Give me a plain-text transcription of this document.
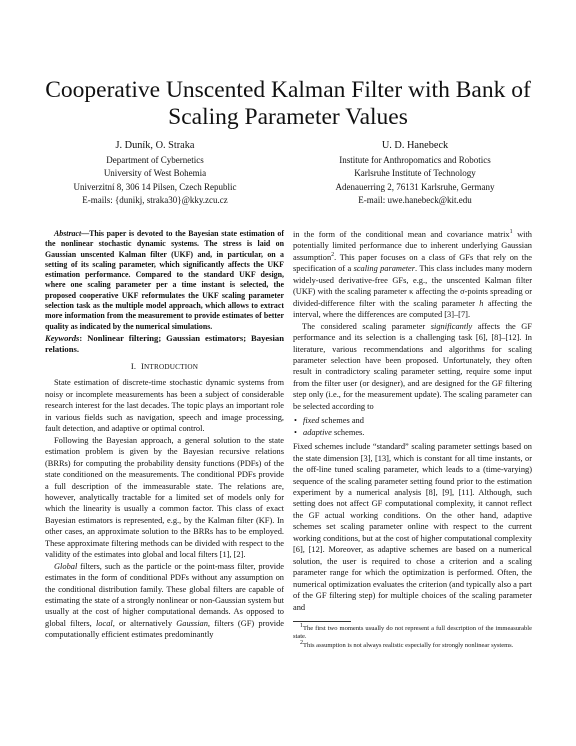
Cooperative Unscented Kalman Filter with Bank of Scaling Parameter Values
J. Duník, O. Straka
Department of Cybernetics
University of West Bohemia
Univerzitní 8, 306 14 Pilsen, Czech Republic
E-mails: {dunikj, straka30}@kky.zcu.cz
U. D. Hanebeck
Institute for Anthropomatics and Robotics
Karlsruhe Institute of Technology
Adenauerring 2, 76131 Karlsruhe, Germany
E-mail: uwe.hanebeck@kit.edu

Abstract—This paper is devoted to the Bayesian state estimation of the nonlinear stochastic dynamic systems. The stress is laid on Gaussian unscented Kalman filter (UKF) and, in particular, on a setting of its scaling parameter, which significantly affects the UKF estimation performance. Compared to the standard UKF design, where one scaling parameter per a time instant is selected, the proposed cooperative UKF reformulates the UKF scaling parameter selection task as the multiple model approach, which allows to extract more information from the measurement to provide estimates of better quality as indicated by the numerical simulations.

Keywords: Nonlinear filtering; Gaussian estimators; Bayesian relations.

I. INTRODUCTION

State estimation of discrete-time stochastic dynamic systems from noisy or incomplete measurements has been a subject of considerable research interest for the last decades. The topic plays an important role in various fields such as navigation, speech and image processing, fault detection, and adaptive or optimal control.

Following the Bayesian approach, a general solution to the state estimation problem is given by the Bayesian recursive relations (BRRs) for computing the probability density functions (PDFs) of the state conditioned on the measurements. The conditional PDFs provide a full description of the immeasurable state. The relations are, however, analytically tractable for a limited set of models only for which the linearity is usually a common factor. This class of exact Bayesian estimators is represented, e.g., by the Kalman filter (KF). In other cases, an approximate solution to the BRRs has to be employed. These approximate filtering methods can be divided with respect to the validity of the estimates into global and local filters [1], [2].

Global filters, such as the particle or the point-mass filter, provide estimates in the form of conditional PDFs without any assumption on the conditional distribution family. These global filters are capable of estimating the state of a strongly nonlinear or non-Gaussian system but usually at the cost of higher computational demands. As opposed to global filters, local, or alternatively Gaussian, filters (GF) provide computationally efficient estimates predominantly

in the form of the conditional mean and covariance matrix$^1$ with potentially limited performance due to inherent underlying Gaussian assumption$^2$. This paper focuses on a class of GFs that rely on the specification of a scaling parameter. This class includes many modern widely-used derivative-free GFs, e.g., the unscented Kalman filter (UKF) with the scaling parameter κ affecting the σ-points spreading or divided-difference filter with the scaling parameter h affecting the interval, where the differences are computed [3]–[7].

The considered scaling parameter significantly affects the GF performance and its selection is a challenging task [6], [8]–[12]. In literature, various recommendations and algorithms for scaling parameter selection have been proposed. Unfortunately, they often result in contradictory scaling parameter setting, require some input from the filter user (or designer), and are designed for the GF filtering step only (i.e., for the measurement update). The scaling parameter can be selected according to

• fixed schemes and
• adaptive schemes.

Fixed schemes include “standard” scaling parameter settings based on the state dimension [3], [13], which is constant for all time instants, or the off-line tuned scaling parameter, which leads to a (time-varying) sequence of the scaling parameter setting found prior to the estimation experiment by a numerical analysis [8], [9], [11]. Although, such setting does not affect GF computational complexity, it cannot reflect the GF actual working conditions. On the other hand, adaptive schemes set scaling parameter online with respect to the current working conditions, but at the cost of higher computational complexity [6], [12]. Moreover, as adaptive schemes are based on a numerical solution, the user is required to chose a criterion and a scaling parameter range for which the optimization is performed. Often, the numerical optimization evaluates the criterion (and typically also a part of the GF filtering step) for multiple choices of the scaling parameter and

$^1$The first two moments usually do not represent a full description of the immeasurable state.

$^2$This assumption is not always realistic especially for strongly nonlinear systems.
